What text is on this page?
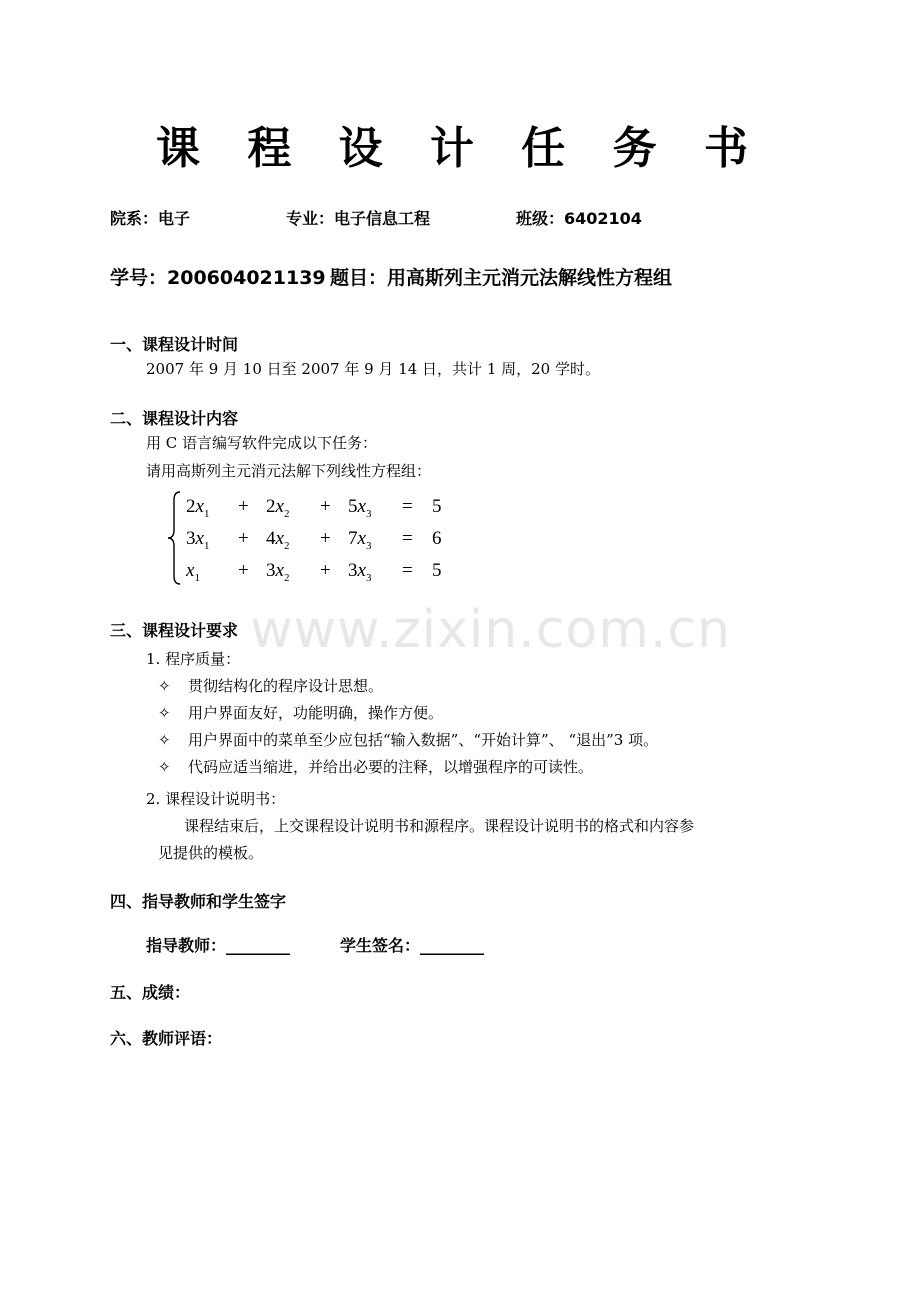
课 程 设 计 任 务 书
院系：电子	专业：电子信息工程	班级：6402104
学号：200604021139 题目：用高斯列主元消元法解线性方程组
一、课程设计时间
2007 年 9 月 10 日至 2007 年 9 月 14 日，共计 1 周，20 学时。
二、课程设计内容
用 C 语言编写软件完成以下任务：
请用高斯列主元消元法解下列线性方程组：
$2x_1 + 2x_2 + 5x_3 = 5$
$3x_1 + 4x_2 + 7x_3 = 6$
$x_1 + 3x_2 + 3x_3 = 5$
www.zixin.com.cn
三、课程设计要求
1. 程序质量：
✧ 贯彻结构化的程序设计思想。
✧ 用户界面友好，功能明确，操作方便。
✧ 用户界面中的菜单至少应包括“输入数据”、“开始计算”、 “退出”3 项。
✧ 代码应适当缩进，并给出必要的注释，以增强程序的可读性。
2. 课程设计说明书：
课程结束后，上交课程设计说明书和源程序。课程设计说明书的格式和内容参
见提供的模板。
四、指导教师和学生签字
指导教师：________	学生签名：________
五、成绩：
六、教师评语：
